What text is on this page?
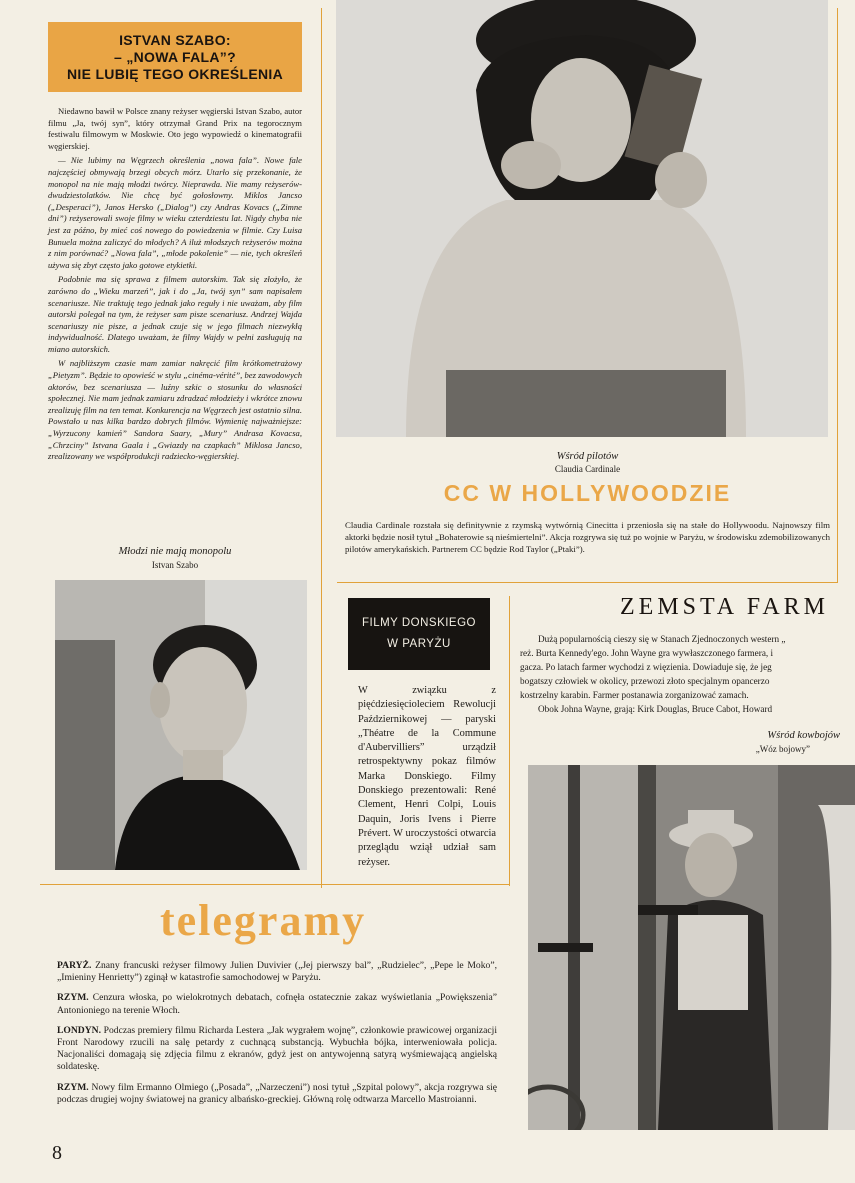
ISTVAN SZABO:
– „NOWA FALA”?
NIE LUBIĘ TEGO OKREŚLENIA

Niedawno bawił w Polsce znany reżyser węgierski Istvan Szabo, autor filmu „Ja, twój syn”, który otrzymał Grand Prix na tegorocznym festiwalu filmowym w Moskwie. Oto jego wypowiedź o kinematografii węgierskiej.

— Nie lubimy na Węgrzech określenia „nowa fala”. Nowe fale najczęściej obmywają brzegi obcych mórz. Utarło się przekonanie, że monopol na nie mają młodzi twórcy. Nieprawda. Nie mamy reżyserów-dwudziestolatków. Nie chcę być gołosłowny. Miklos Jancso („Desperaci”), Janos Hersko („Dialog”) czy Andras Kovacs („Zimne dni”) reżyserowali swoje filmy w wieku czterdziestu lat. Nigdy chyba nie jest za późno, by mieć coś nowego do powiedzenia w filmie. Czy Luisa Bunuela można zaliczyć do młodych? A iluż młodszych reżyserów można z nim porównać? „Nowa fala”, „młode pokolenie” — nie, tych określeń używa się zbyt często jako gotowe etykietki.

Podobnie ma się sprawa z filmem autorskim. Tak się złożyło, że zarówno do „Wieku marzeń”, jak i do „Ja, twój syn” sam napisałem scenariusze. Nie traktuję tego jednak jako reguły i nie uważam, aby film autorski polegał na tym, że reżyser sam pisze scenariusz. Andrzej Wajda scenariuszy nie pisze, a jednak czuje się w jego filmach niezwykłą indywidualność. Dlatego uważam, że filmy Wajdy w pełni zasługują na miano autorskich.

W najbliższym czasie mam zamiar nakręcić film krótkometrażowy „Pietyzm”. Będzie to opowieść w stylu „cinéma-vérité”, bez zawodowych aktorów, bez scenariusza — luźny szkic o stosunku do własności społecznej. Nie mam jednak zamiaru zdradzać młodzieży i wkrótce znowu zrealizuję film na ten temat. Konkurencja na Węgrzech jest ostatnio silna. Powstało u nas kilka bardzo dobrych filmów. Wymienię najważniejsze: „Wyrzucony kamień” Sandora Saary, „Mury” Andrasa Kovacsa, „Chrzciny” Istvana Gaala i „Gwiazdy na czapkach” Miklosa Jancso, zrealizowany we współprodukcji radziecko-węgierskiej.

Młodzi nie mają monopolu
Istvan Szabo
Wśród pilotów
Claudia Cardinale
CC W HOLLYWOODZIE
Claudia Cardinale rozstała się definitywnie z rzymską wytwórnią Cinecitta i przeniosła się na stałe do Hollywoodu. Najnowszy film aktorki będzie nosił tytuł „Bohaterowie są nieśmiertelni”. Akcja rozgrywa się tuż po wojnie w Paryżu, w środowisku zdemobilizowanych pilotów amerykańskich. Partnerem CC będzie Rod Taylor („Ptaki”).
FILMY DONSKIEGO
W PARYŻU
W związku z pięćdziesięcioleciem Rewolucji Październikowej — paryski „Théatre de la Commune d'Aubervilliers” urządził retrospektywny pokaz filmów Marka Donskiego. Filmy Donskiego prezentowali: René Clement, Henri Colpi, Louis Daquin, Joris Ivens i Pierre Prévert. W uroczystości otwarcia przeglądu wziął udział sam reżyser.
ZEMSTA FARM
Dużą popularnością cieszy się w Stanach Zjednoczonych western „
reż. Burta Kennedy'ego. John Wayne gra wywłaszczonego farmera, i
gacza. Po latach farmer wychodzi z więzienia. Dowiaduje się, że jeg
bogatszy człowiek w okolicy, przewozi złoto specjalnym opancerzo
kostrzelny karabin. Farmer postanawia zorganizować zamach.
Obok Johna Wayne, grają: Kirk Douglas, Bruce Cabot, Howard
Wśród kowbojów
„Wóz bojowy”
telegramy

PARYŻ. Znany francuski reżyser filmowy Julien Duvivier („Jej pierwszy bal”, „Rudzielec”, „Pepe le Moko”, „Imieniny Henrietty”) zginął w katastrofie samochodowej w Paryżu.

RZYM. Cenzura włoska, po wielokrotnych debatach, cofnęła ostatecznie zakaz wyświetlania „Powiększenia” Antonioniego na terenie Włoch.

LONDYN. Podczas premiery filmu Richarda Lestera „Jak wygrałem wojnę”, członkowie prawicowej organizacji Front Narodowy rzucili na salę petardy z cuchnącą substancją. Wybuchła bójka, interweniowała policja. Nacjonaliści domagają się zdjęcia filmu z ekranów, gdyż jest on antywojenną satyrą wyśmiewającą angielską soldateskę.

RZYM. Nowy film Ermanno Olmiego („Posada”, „Narzeczeni”) nosi tytuł „Szpital polowy”, akcja rozgrywa się podczas drugiej wojny światowej na granicy albańsko-greckiej. Główną rolę odtwarza Marcello Mastroianni.

8
